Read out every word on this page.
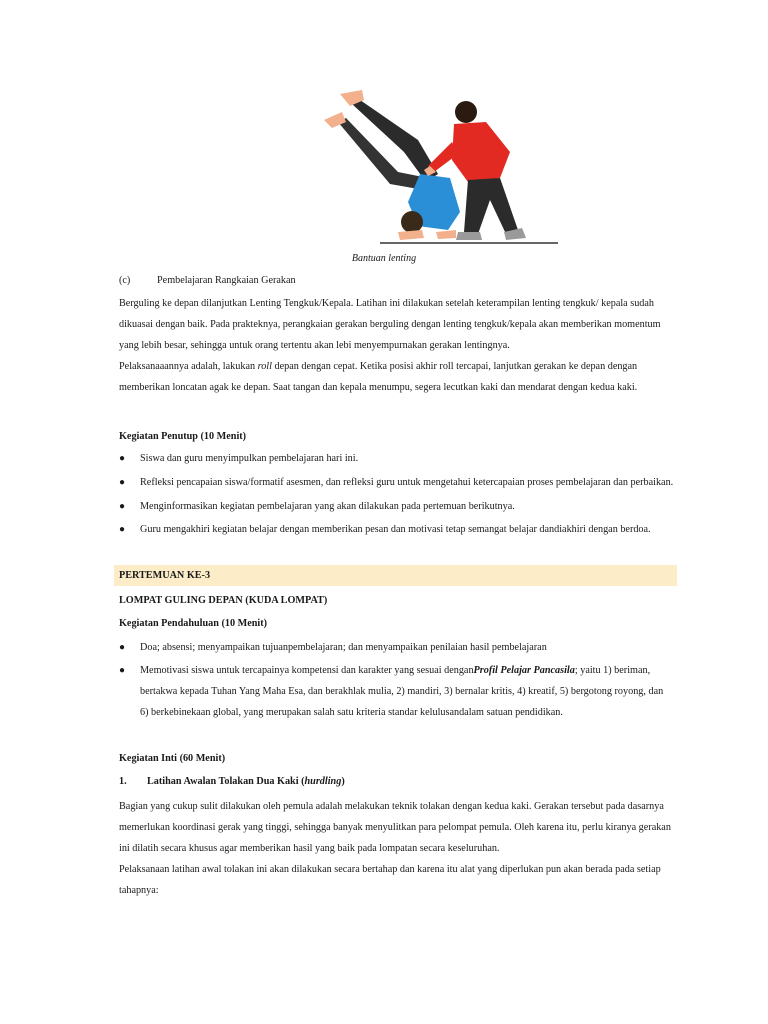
Bantuan lenting
(c)	Pembelajaran Rangkaian Gerakan

Berguling ke depan dilanjutkan Lenting Tengkuk/Kepala. Latihan ini dilakukan setelah keterampilan lenting tengkuk/ kepala sudah

dikuasai dengan baik. Pada prakteknya, perangkaian gerakan berguling dengan lenting tengkuk/kepala akan memberikan momentum

yang lebih besar, sehingga untuk orang tertentu akan lebi menyempurnakan gerakan lentingnya.

Pelaksanaaannya adalah, lakukan roll depan dengan cepat. Ketika posisi akhir roll tercapai, lanjutkan gerakan ke depan dengan

memberikan loncatan agak ke depan. Saat tangan dan kepala menumpu, segera lecutkan kaki dan mendarat dengan kedua kaki.

Kegiatan Penutup (10 Menit)
● Siswa dan guru menyimpulkan pembelajaran hari ini.
● Refleksi pencapaian siswa/formatif asesmen, dan refleksi guru untuk mengetahui ketercapaian proses pembelajaran dan perbaikan.
● Menginformasikan kegiatan pembelajaran yang akan dilakukan pada pertemuan berikutnya.
● Guru mengakhiri kegiatan belajar dengan memberikan pesan dan motivasi tetap semangat belajar dandiakhiri dengan berdoa.
PERTEMUAN KE-3
LOMPAT GULING DEPAN (KUDA LOMPAT)
Kegiatan Pendahuluan (10 Menit)
● Doa; absensi; menyampaikan tujuanpembelajaran; dan menyampaikan penilaian hasil pembelajaran
● Memotivasi siswa untuk tercapainya kompetensi dan karakter yang sesuai denganProfil Pelajar Pancasila; yaitu 1) beriman,
bertakwa kepada Tuhan Yang Maha Esa, dan berakhlak mulia, 2) mandiri, 3) bernalar kritis, 4) kreatif, 5) bergotong royong, dan
6) berkebinekaan global, yang merupakan salah satu kriteria standar kelulusandalam satuan pendidikan.
Kegiatan Inti (60 Menit)
1. Latihan Awalan Tolakan Dua Kaki (hurdling)

Bagian yang cukup sulit dilakukan oleh pemula adalah melakukan teknik tolakan dengan kedua kaki. Gerakan tersebut pada dasarnya

memerlukan koordinasi gerak yang tinggi, sehingga banyak menyulitkan para pelompat pemula. Oleh karena itu, perlu kiranya gerakan

ini dilatih secara khusus agar memberikan hasil yang baik pada lompatan secara keseluruhan.

Pelaksanaan latihan awal tolakan ini akan dilakukan secara bertahap dan karena itu alat yang diperlukan pun akan berada pada setiap

tahapnya:
